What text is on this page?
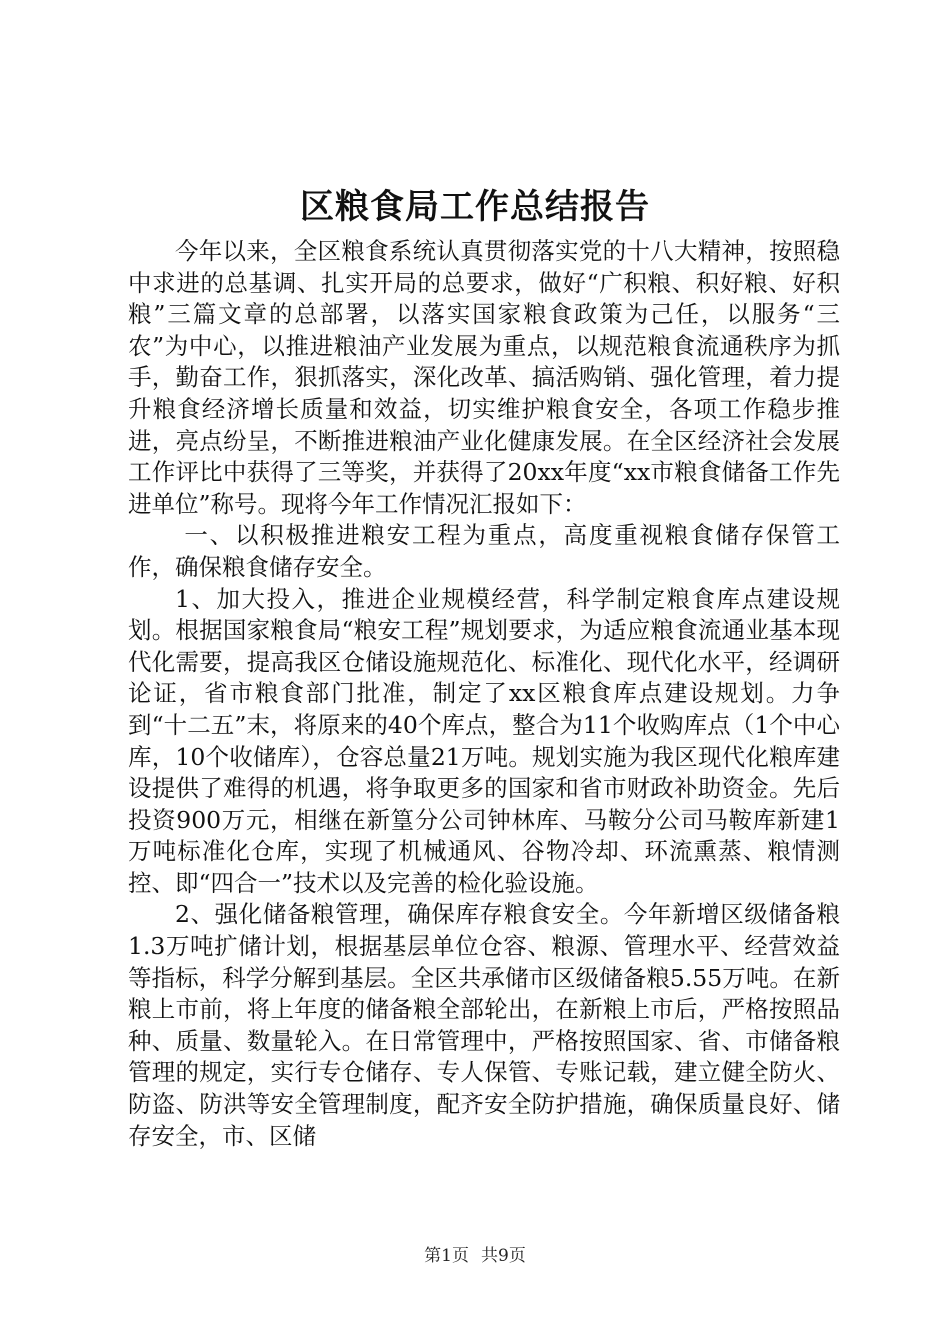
区粮食局工作总结报告

今年以来，全区粮食系统认真贯彻落实党的十八大精神，按照稳中求进的总基调、扎实开局的总要求，做好“广积粮、积好粮、好积粮”三篇文章的总部署，以落实国家粮食政策为己任，以服务“三农”为中心，以推进粮油产业发展为重点，以规范粮食流通秩序为抓手，勤奋工作，狠抓落实，深化改革、搞活购销、强化管理，着力提升粮食经济增长质量和效益，切实维护粮食安全，各项工作稳步推进，亮点纷呈，不断推进粮油产业化健康发展。在全区经济社会发展工作评比中获得了三等奖，并获得了20xx年度“xx市粮食储备工作先进单位”称号。现将今年工作情况汇报如下：

一、以积极推进粮安工程为重点，高度重视粮食储存保管工作，确保粮食储存安全。

1、加大投入，推进企业规模经营，科学制定粮食库点建设规划。根据国家粮食局“粮安工程”规划要求，为适应粮食流通业基本现代化需要，提高我区仓储设施规范化、标准化、现代化水平，经调研论证，省市粮食部门批准，制定了xx区粮食库点建设规划。力争到“十二五”末，将原来的40个库点，整合为11个收购库点（1个中心库，10个收储库），仓容总量21万吨。规划实施为我区现代化粮库建设提供了难得的机遇，将争取更多的国家和省市财政补助资金。先后投资900万元，相继在新篁分公司钟林库、马鞍分公司马鞍库新建1万吨标准化仓库，实现了机械通风、谷物冷却、环流熏蒸、粮情测控、即“四合一”技术以及完善的检化验设施。

2、强化储备粮管理，确保库存粮食安全。今年新增区级储备粮1.3万吨扩储计划，根据基层单位仓容、粮源、管理水平、经营效益等指标，科学分解到基层。全区共承储市区级储备粮5.55万吨。在新粮上市前，将上年度的储备粮全部轮出，在新粮上市后，严格按照品种、质量、数量轮入。在日常管理中，严格按照国家、省、市储备粮管理的规定，实行专仓储存、专人保管、专账记载，建立健全防火、防盗、防洪等安全管理制度，配齐安全防护措施，确保质量良好、储存安全，市、区储

第1页 共9页
